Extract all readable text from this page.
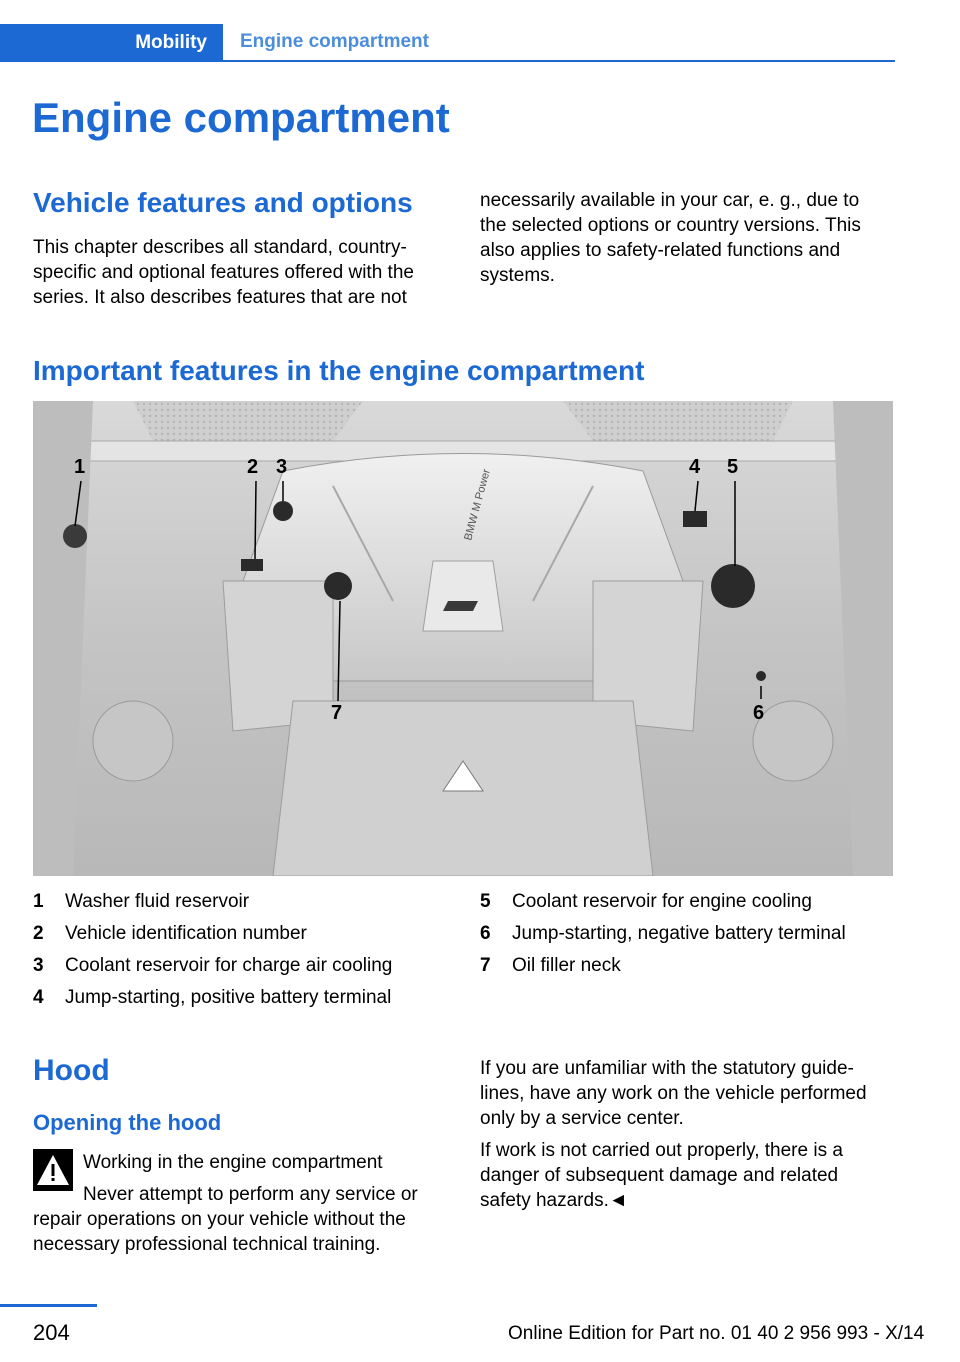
Mobility	Engine compartment
Engine compartment
Vehicle features and options

This chapter describes all standard, country-specific and optional features offered with the series. It also describes features that are not

necessarily available in your car, e. g., due to the selected options or country versions. This also applies to safety-related functions and systems.

Important features in the engine compartment
BMW M Power
1	2 3	4 5
6
7
1	Washer fluid reservoir
2	Vehicle identification number
3	Coolant reservoir for charge air cooling
4	Jump-starting, positive battery terminal
5	Coolant reservoir for engine cooling
6	Jump-starting, negative battery terminal
7	Oil filler neck
Hood
Opening the hood

Working in the engine compartment

Never attempt to perform any service or repair operations on your vehicle without the necessary professional technical training.

If you are unfamiliar with the statutory guide-lines, have any work on the vehicle performed only by a service center.

If work is not carried out properly, there is a danger of subsequent damage and related safety hazards.◄

204	Online Edition for Part no. 01 40 2 956 993 - X/14
